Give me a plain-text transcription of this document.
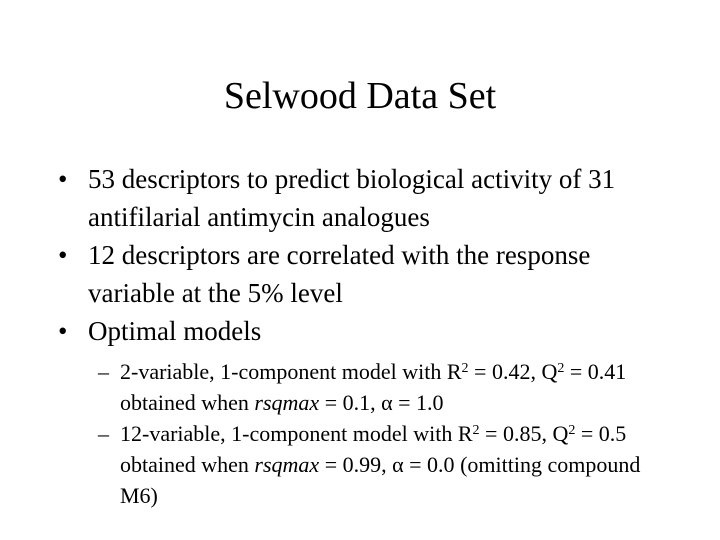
Selwood Data Set

• 53 descriptors to predict biological activity of 31 antifilarial antimycin analogues

• 12 descriptors are correlated with the response variable at the 5% level

• Optimal models

– 2-variable, 1-component model with $R^2 = 0.42$, $Q^2 = 0.41$ obtained when rsqmax = 0.1, α = 1.0

– 12-variable, 1-component model with $R^2 = 0.85$, $Q^2 = 0.5$ obtained when rsqmax = 0.99, α = 0.0 (omitting compound M6)
